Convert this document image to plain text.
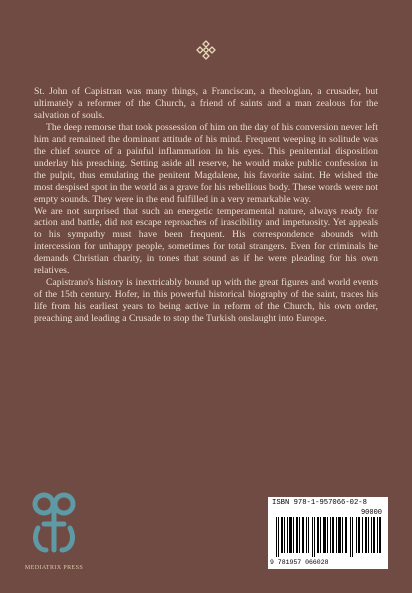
St. John of Capistran was many things, a Franciscan, a theologian, a crusader, but ultimately a reformer of the Church, a friend of saints and a man zealous for the salvation of souls.

The deep remorse that took possession of him on the day of his conversion never left him and remained the dominant attitude of his mind. Frequent weeping in solitude was the chief source of a painful inflammation in his eyes. This penitential disposition underlay his preaching. Setting aside all reserve, he would make public confession in the pulpit, thus emulating the penitent Magdalene, his favorite saint. He wished the most despised spot in the world as a grave for his rebellious body. These words were not empty sounds. They were in the end fulfilled in a very remarkable way.

We are not surprised that such an energetic temperamental nature, always ready for action and battle, did not escape reproaches of irascibility and impetuosity. Yet appeals to his sympathy must have been frequent. His correspondence abounds with intercession for unhappy people, sometimes for total strangers. Even for criminals he demands Christian charity, in tones that sound as if he were pleading for his own relatives.

Capistrano's history is inextricably bound up with the great figures and world events of the 15th century. Hofer, in this powerful historical biography of the saint, traces his life from his earliest years to being active in reform of the Church, his own order, preaching and leading a Crusade to stop the Turkish onslaught into Europe.

MEDIATRIX PRESS
ISBN 978-1-957066-02-8
90000
9 781957 066028
